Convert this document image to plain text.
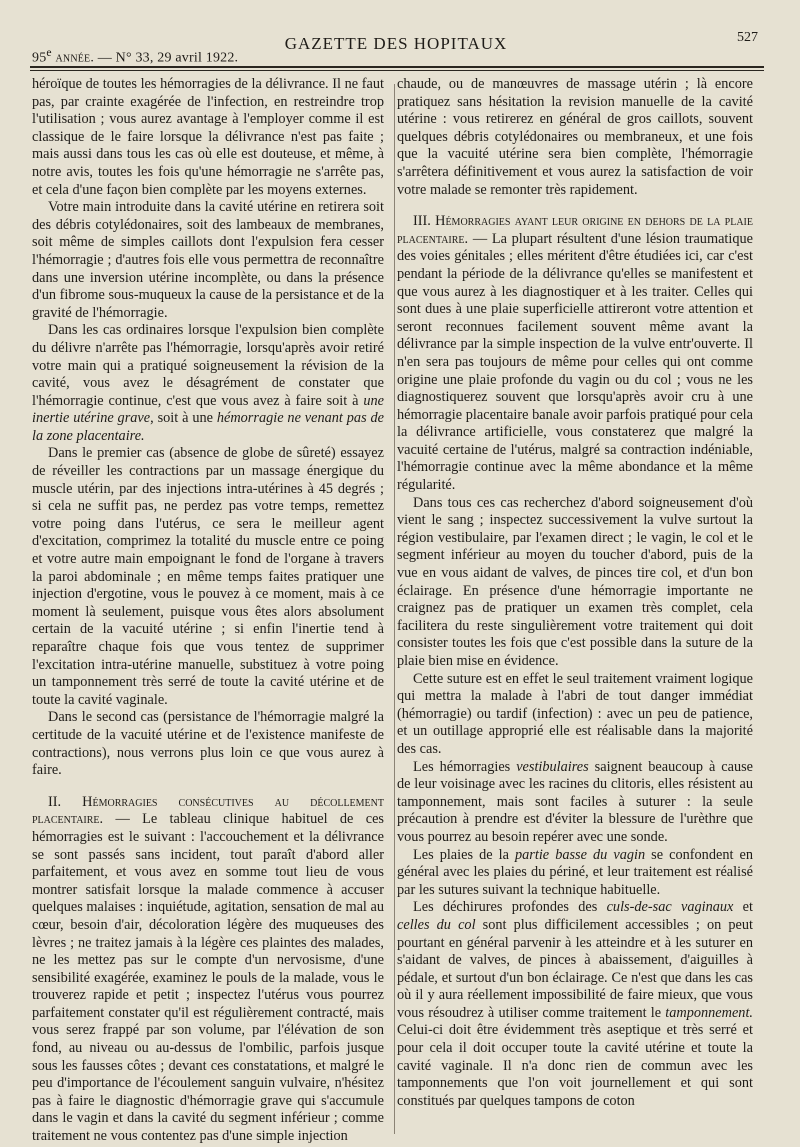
95e année. — N° 33, 29 avril 1922.
GAZETTE DES HOPITAUX	527

héroïque de toutes les hémorragies de la délivrance. Il ne faut pas, par crainte exagérée de l'infection, en restreindre trop l'utilisation ; vous aurez avantage à l'employer comme il est classique de le faire lorsque la délivrance n'est pas faite ; mais aussi dans tous les cas où elle est douteuse, et même, à notre avis, toutes les fois qu'une hémorragie ne s'arrête pas, et cela d'une façon bien complète par les moyens externes.

Votre main introduite dans la cavité utérine en retirera soit des débris cotylédonaires, soit des lambeaux de membranes, soit même de simples caillots dont l'expulsion fera cesser l'hémorragie ; d'autres fois elle vous permettra de reconnaître dans une inversion utérine incomplète, ou dans la présence d'un fibrome sous-muqueux la cause de la persistance et de la gravité de l'hémorragie.

Dans les cas ordinaires lorsque l'expulsion bien complète du délivre n'arrête pas l'hémorragie, lorsqu'après avoir retiré votre main qui a pratiqué soigneusement la révision de la cavité, vous avez le désagrément de constater que l'hémorragie continue, c'est que vous avez à faire soit à une inertie utérine grave, soit à une hémorragie ne venant pas de la zone placentaire.

Dans le premier cas (absence de globe de sûreté) essayez de réveiller les contractions par un massage énergique du muscle utérin, par des injections intra-utérines à 45 degrés ; si cela ne suffit pas, ne perdez pas votre temps, remettez votre poing dans l'utérus, ce sera le meilleur agent d'excitation, comprimez la totalité du muscle entre ce poing et votre autre main empoignant le fond de l'organe à travers la paroi abdominale ; en même temps faites pratiquer une injection d'ergotine, vous le pouvez à ce moment, mais à ce moment là seulement, puisque vous êtes alors absolument certain de la vacuité utérine ; si enfin l'inertie tend à reparaître chaque fois que vous tentez de supprimer l'excitation intra-utérine manuelle, substituez à votre poing un tamponnement très serré de toute la cavité utérine et de toute la cavité vaginale.

Dans le second cas (persistance de l'hémorragie malgré la certitude de la vacuité utérine et de l'existence manifeste de contractions), nous verrons plus loin ce que vous aurez à faire.

II. Hémorragies consécutives au décollement placentaire. — Le tableau clinique habituel de ces hémorragies est le suivant : l'accouchement et la délivrance se sont passés sans incident, tout paraît d'abord aller parfaitement, et vous avez en somme tout lieu de vous montrer satisfait lorsque la malade commence à accuser quelques malaises : inquiétude, agitation, sensation de mal au cœur, besoin d'air, décoloration légère des muqueuses des lèvres ; ne traitez jamais à la légère ces plaintes des malades, ne les mettez pas sur le compte d'un nervosisme, d'une sensibilité exagérée, examinez le pouls de la malade, vous le trouverez rapide et petit ; inspectez l'utérus vous pourrez parfaitement constater qu'il est régulièrement contracté, mais vous serez frappé par son volume, par l'élévation de son fond, au niveau ou au-dessus de l'ombilic, parfois jusque sous les fausses côtes ; devant ces constatations, et malgré le peu d'importance de l'écoulement sanguin vulvaire, n'hésitez pas à faire le diagnostic d'hémorragie grave qui s'accumule dans le vagin et dans la cavité du segment inférieur ; comme traitement ne vous contentez pas d'une simple injection

chaude, ou de manœuvres de massage utérin ; là encore pratiquez sans hésitation la revision manuelle de la cavité utérine : vous retirerez en général de gros caillots, souvent quelques débris cotylédonaires ou membraneux, et une fois que la vacuité utérine sera bien complète, l'hémorragie s'arrêtera définitivement et vous aurez la satisfaction de voir votre malade se remonter très rapidement.

III. Hémorragies ayant leur origine en dehors de la plaie placentaire. — La plupart résultent d'une lésion traumatique des voies génitales ; elles méritent d'être étudiées ici, car c'est pendant la période de la délivrance qu'elles se manifestent et que vous aurez à les diagnostiquer et à les traiter. Celles qui sont dues à une plaie superficielle attireront votre attention et seront reconnues facilement souvent même avant la délivrance par la simple inspection de la vulve entr'ouverte. Il n'en sera pas toujours de même pour celles qui ont comme origine une plaie profonde du vagin ou du col ; vous ne les diagnostiquerez souvent que lorsqu'après avoir cru à une hémorragie placentaire banale avoir parfois pratiqué pour cela la délivrance artificielle, vous constaterez que malgré la vacuité certaine de l'utérus, malgré sa contraction indéniable, l'hémorragie continue avec la même abondance et la même régularité.

Dans tous ces cas recherchez d'abord soigneusement d'où vient le sang ; inspectez successivement la vulve surtout la région vestibulaire, par l'examen direct ; le vagin, le col et le segment inférieur au moyen du toucher d'abord, puis de la vue en vous aidant de valves, de pinces tire col, et d'un bon éclairage. En présence d'une hémorragie importante ne craignez pas de pratiquer un examen très complet, cela facilitera du reste singulièrement votre traitement qui doit consister toutes les fois que c'est possible dans la suture de la plaie bien mise en évidence.

Cette suture est en effet le seul traitement vraiment logique qui mettra la malade à l'abri de tout danger immédiat (hémorragie) ou tardif (infection) : avec un peu de patience, et un outillage approprié elle est réalisable dans la majorité des cas.

Les hémorragies vestibulaires saignent beaucoup à cause de leur voisinage avec les racines du clitoris, elles résistent au tamponnement, mais sont faciles à suturer : la seule précaution à prendre est d'éviter la blessure de l'urèthre que vous pourrez au besoin repérer avec une sonde.

Les plaies de la partie basse du vagin se confondent en général avec les plaies du périné, et leur traitement est réalisé par les sutures suivant la technique habituelle.

Les déchirures profondes des culs-de-sac vaginaux et celles du col sont plus difficilement accessibles ; on peut pourtant en général parvenir à les atteindre et à les suturer en s'aidant de valves, de pinces à abaissement, d'aiguilles à pédale, et surtout d'un bon éclairage. Ce n'est que dans les cas où il y aura réellement impossibilité de faire mieux, que vous vous résoudrez à utiliser comme traitement le tamponnement. Celui-ci doit être évidemment très aseptique et très serré et pour cela il doit occuper toute la cavité utérine et toute la cavité vaginale. Il n'a donc rien de commun avec les tamponnements que l'on voit journellement et qui sont constitués par quelques tampons de coton
